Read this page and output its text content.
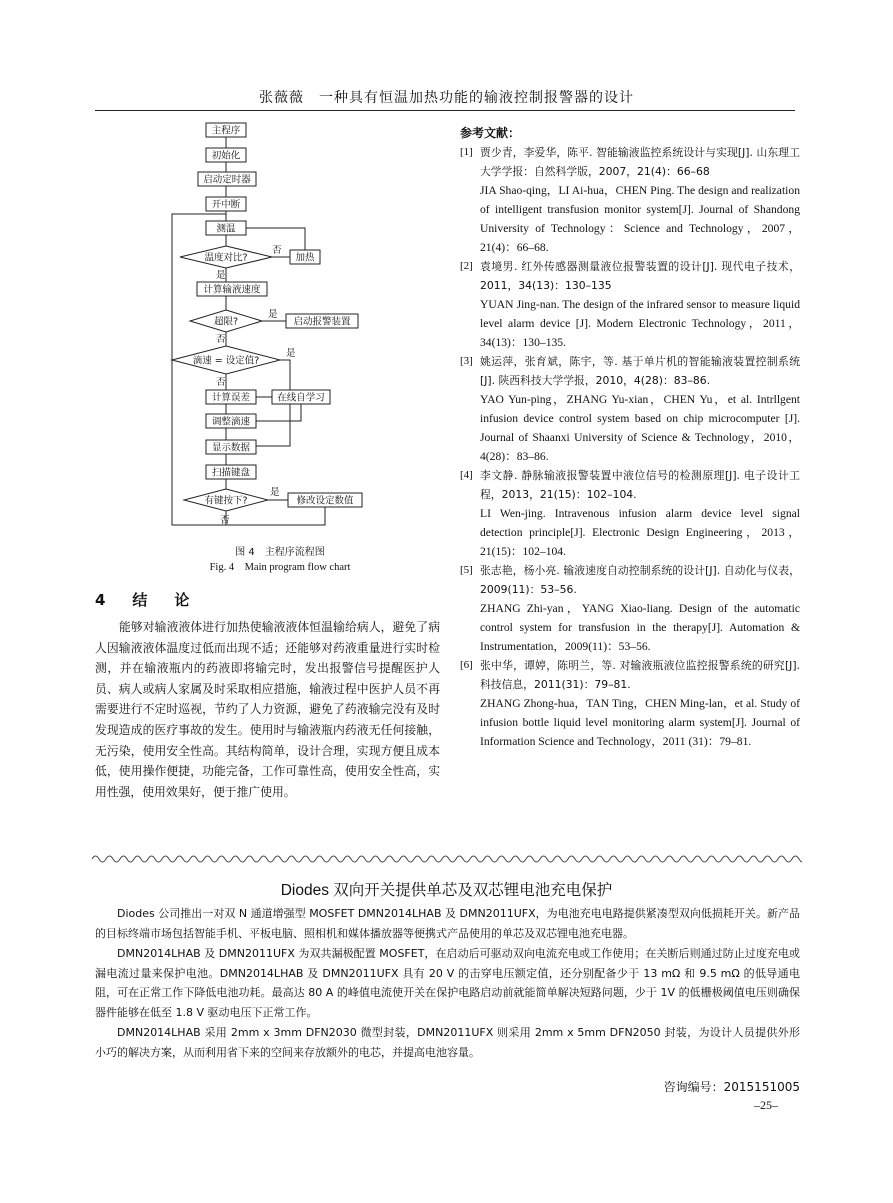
张薇薇　一种具有恒温加热功能的输液控制报警器的设计
主程序
初始化
启动定时器
开中断
测温
温度对比?
否
加热
是
计算输液速度
超限?
是
启动报警装置
否
滴速 = 设定值?
是
否
计算误差	在线自学习
调整滴速
显示数据
扫描键盘
有键按下?
是
修改设定数值
否
图 4　主程序流程图
Fig. 4　Main program flow chart
4　结　论
能够对输液液体进行加热使输液液体恒温输给病人，避免了病人因输液液体温度过低而出现不适；还能够对药液重量进行实时检测，并在输液瓶内的药液即将输完时，发出报警信号提醒医护人员、病人或病人家属及时采取相应措施，输液过程中医护人员不再需要进行不定时巡视，节约了人力资源，避免了药液输完没有及时发现造成的医疗事故的发生。使用时与输液瓶内药液无任何接触，无污染，使用安全性高。其结构简单，设计合理，实现方便且成本低，使用操作便捷，功能完备，工作可靠性高，使用安全性高，实用性强，使用效果好，便于推广使用。
参考文献：
[1] 贾少青，李爱华，陈平. 智能输液监控系统设计与实现[J]. 山东理工大学学报：自然科学版，2007，21(4)：66–68
JIA Shao-qing，LI Ai-hua，CHEN Ping. The design and realization of intelligent transfusion monitor system[J]. Journal of Shandong University of Technology：Science and Technology，2007，21(4)：66–68.
[2] 袁境男. 红外传感器测量液位报警装置的设计[J]. 现代电子技术，2011，34(13)：130–135
YUAN Jing-nan. The design of the infrared sensor to measure liquid level alarm device [J]. Modern Electronic Technology，2011，34(13)：130–135.
[3] 姚运萍，张育斌，陈宇，等. 基于单片机的智能输液装置控制系统[J]. 陕西科技大学学报，2010，4(28)：83–86.
YAO Yun-ping，ZHANG Yu-xian，CHEN Yu，et al. Intrllgent infusion device control system based on chip microcomputer [J]. Journal of Shaanxi University of Science & Technology，2010，4(28)：83–86.
[4] 李文静. 静脉输液报警装置中液位信号的检测原理[J]. 电子设计工程，2013，21(15)：102–104.
LI Wen-jing. Intravenous infusion alarm device level signal detection principle[J]. Electronic Design Engineering，2013，21(15)：102–104.
[5] 张志艳，杨小亮. 输液速度自动控制系统的设计[J]. 自动化与仪表，2009(11)：53–56.
ZHANG Zhi-yan，YANG Xiao-liang. Design of the automatic control system for transfusion in the therapy[J]. Automation & Instrumentation，2009(11)：53–56.
[6] 张中华，谭婷，陈明兰，等. 对输液瓶液位监控报警系统的研究[J]. 科技信息，2011(31)：79–81.
ZHANG Zhong-hua，TAN Ting，CHEN Ming-lan，et al. Study of infusion bottle liquid level monitoring alarm system[J]. Journal of Information Science and Technology，2011 (31)：79–81.
Diodes 双向开关提供单芯及双芯锂电池充电保护

Diodes 公司推出一对双 N 通道增强型 MOSFET DMN2014LHAB 及 DMN2011UFX，为电池充电电路提供紧凑型双向低损耗开关。新产品的目标终端市场包括智能手机、平板电脑、照相机和媒体播放器等便携式产品使用的单芯及双芯锂电池充电器。

DMN2014LHAB 及 DMN2011UFX 为双共漏极配置 MOSFET，在启动后可驱动双向电流充电或工作使用；在关断后则通过防止过度充电或漏电流过量来保护电池。DMN2014LHAB 及 DMN2011UFX 具有 20 V 的击穿电压额定值，还分别配备少于 13 mΩ 和 9.5 mΩ 的低导通电阻，可在正常工作下降低电池功耗。最高达 80 A 的峰值电流使开关在保护电路启动前就能简单解决短路问题，少于 1V 的低栅极阈值电压则确保器件能够在低至 1.8 V 驱动电压下正常工作。

DMN2014LHAB 采用 2mm x 3mm DFN2030 微型封装，DMN2011UFX 则采用 2mm x 5mm DFN2050 封装，为设计人员提供外形小巧的解决方案，从而利用省下来的空间来存放额外的电芯，并提高电池容量。

咨询编号：2015151005
–25–
